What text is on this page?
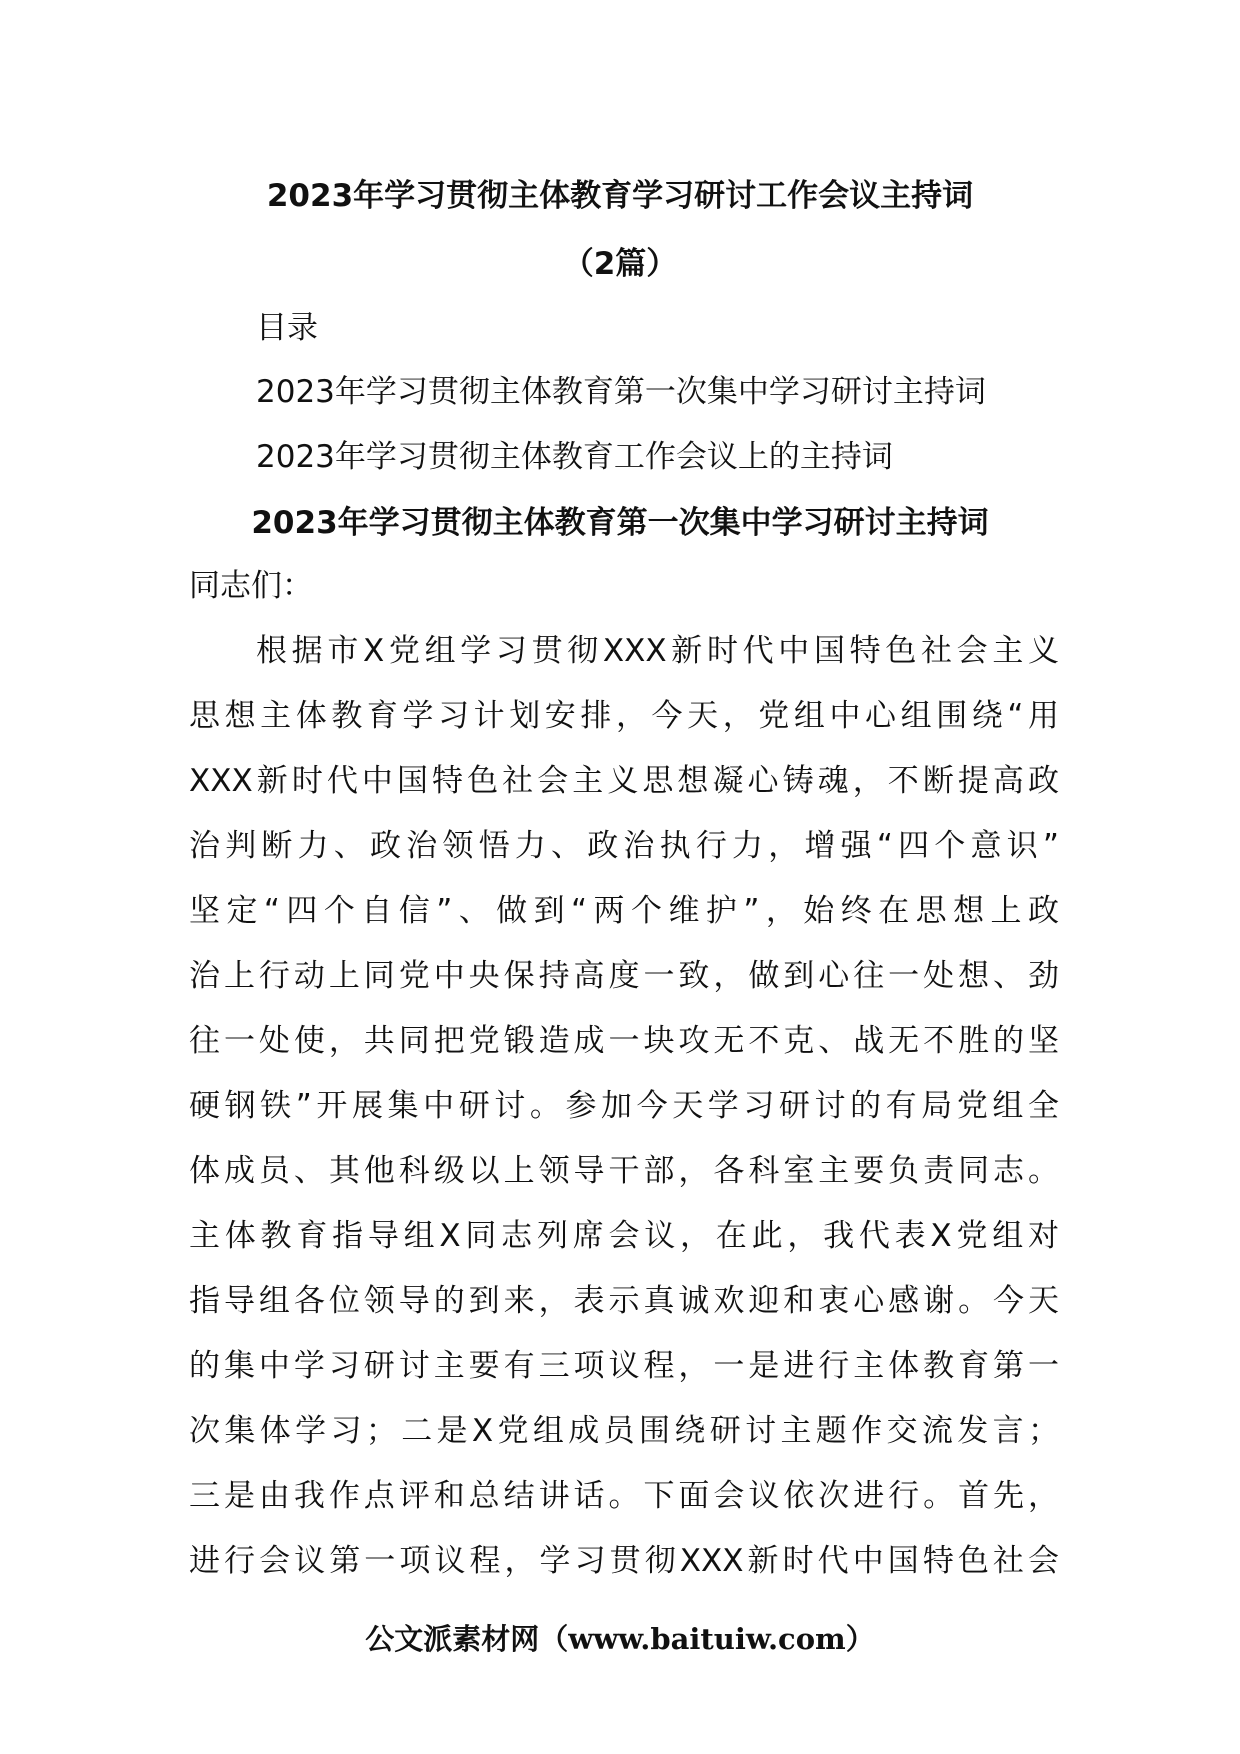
2023年学习贯彻主体教育学习研讨工作会议主持词
（2篇）
目录
2023年学习贯彻主体教育第一次集中学习研讨主持词
2023年学习贯彻主体教育工作会议上的主持词
2023年学习贯彻主体教育第一次集中学习研讨主持词
同志们：
根据市X党组学习贯彻XXX新时代中国特色社会主义
思想主体教育学习计划安排，今天，党组中心组围绕“用
XXX新时代中国特色社会主义思想凝心铸魂，不断提高政
治判断力、政治领悟力、政治执行力，增强“四个意识”
坚定“四个自信”、做到“两个维护”，始终在思想上政
治上行动上同党中央保持高度一致，做到心往一处想、劲
往一处使，共同把党锻造成一块攻无不克、战无不胜的坚
硬钢铁”开展集中研讨。参加今天学习研讨的有局党组全
体成员、其他科级以上领导干部，各科室主要负责同志。
主体教育指导组X同志列席会议，在此，我代表X党组对
指导组各位领导的到来，表示真诚欢迎和衷心感谢。今天
的集中学习研讨主要有三项议程，一是进行主体教育第一
次集体学习；二是X党组成员围绕研讨主题作交流发言；
三是由我作点评和总结讲话。下面会议依次进行。首先，
进行会议第一项议程，学习贯彻XXX新时代中国特色社会
公文派素材网（www.baituiw.com）
